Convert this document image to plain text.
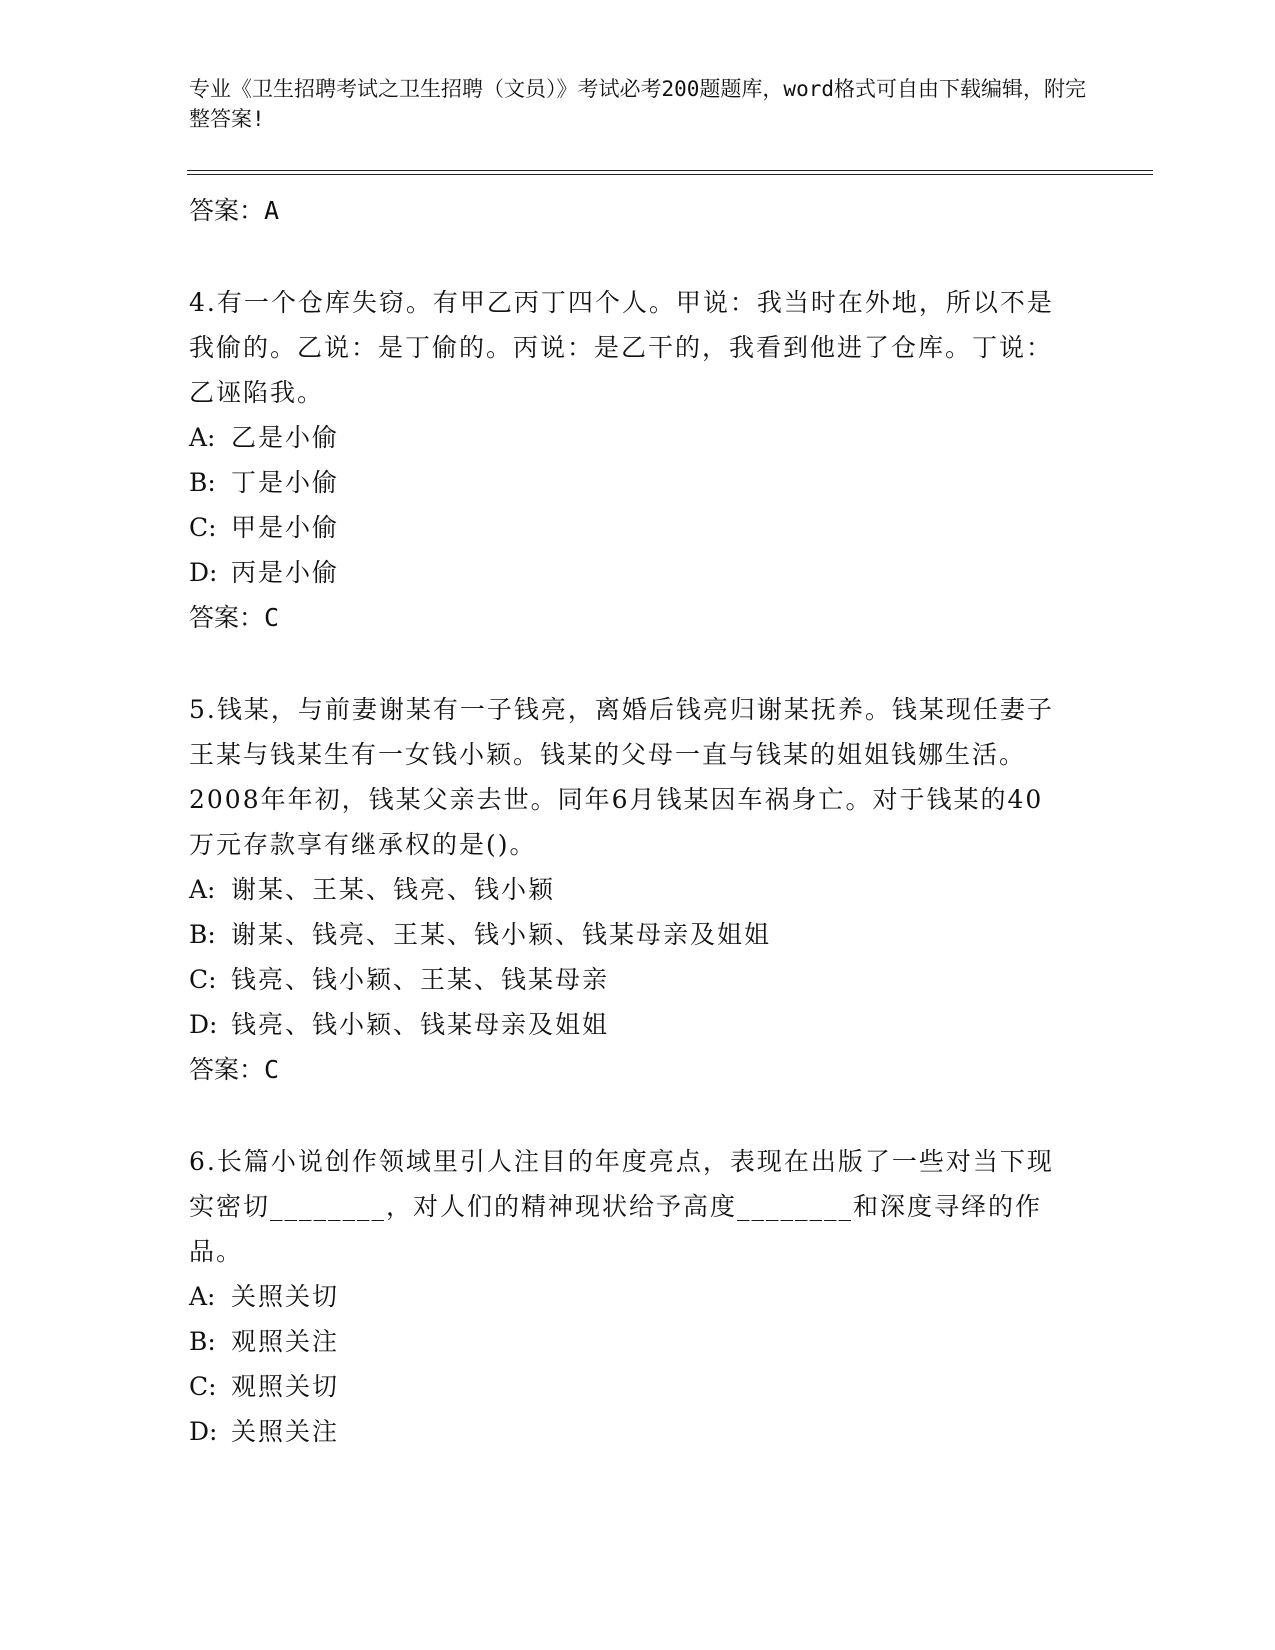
专业《卫生招聘考试之卫生招聘（文员）》考试必考200题题库，word格式可自由下载编辑，附完整答案!
答案：A
4.有一个仓库失窃。有甲乙丙丁四个人。甲说：我当时在外地，所以不是我偷的。乙说：是丁偷的。丙说：是乙干的，我看到他进了仓库。丁说：乙诬陷我。
A: 乙是小偷
B: 丁是小偷
C: 甲是小偷
D: 丙是小偷
答案：C
5.钱某，与前妻谢某有一子钱亮，离婚后钱亮归谢某抚养。钱某现任妻子王某与钱某生有一女钱小颖。钱某的父母一直与钱某的姐姐钱娜生活。2008年年初，钱某父亲去世。同年6月钱某因车祸身亡。对于钱某的40万元存款享有继承权的是()。
A: 谢某、王某、钱亮、钱小颖
B: 谢某、钱亮、王某、钱小颖、钱某母亲及姐姐
C: 钱亮、钱小颖、王某、钱某母亲
D: 钱亮、钱小颖、钱某母亲及姐姐
答案：C
6.长篇小说创作领域里引人注目的年度亮点，表现在出版了一些对当下现实密切________，对人们的精神现状给予高度________和深度寻绎的作品。
A: 关照关切
B: 观照关注
C: 观照关切
D: 关照关注
